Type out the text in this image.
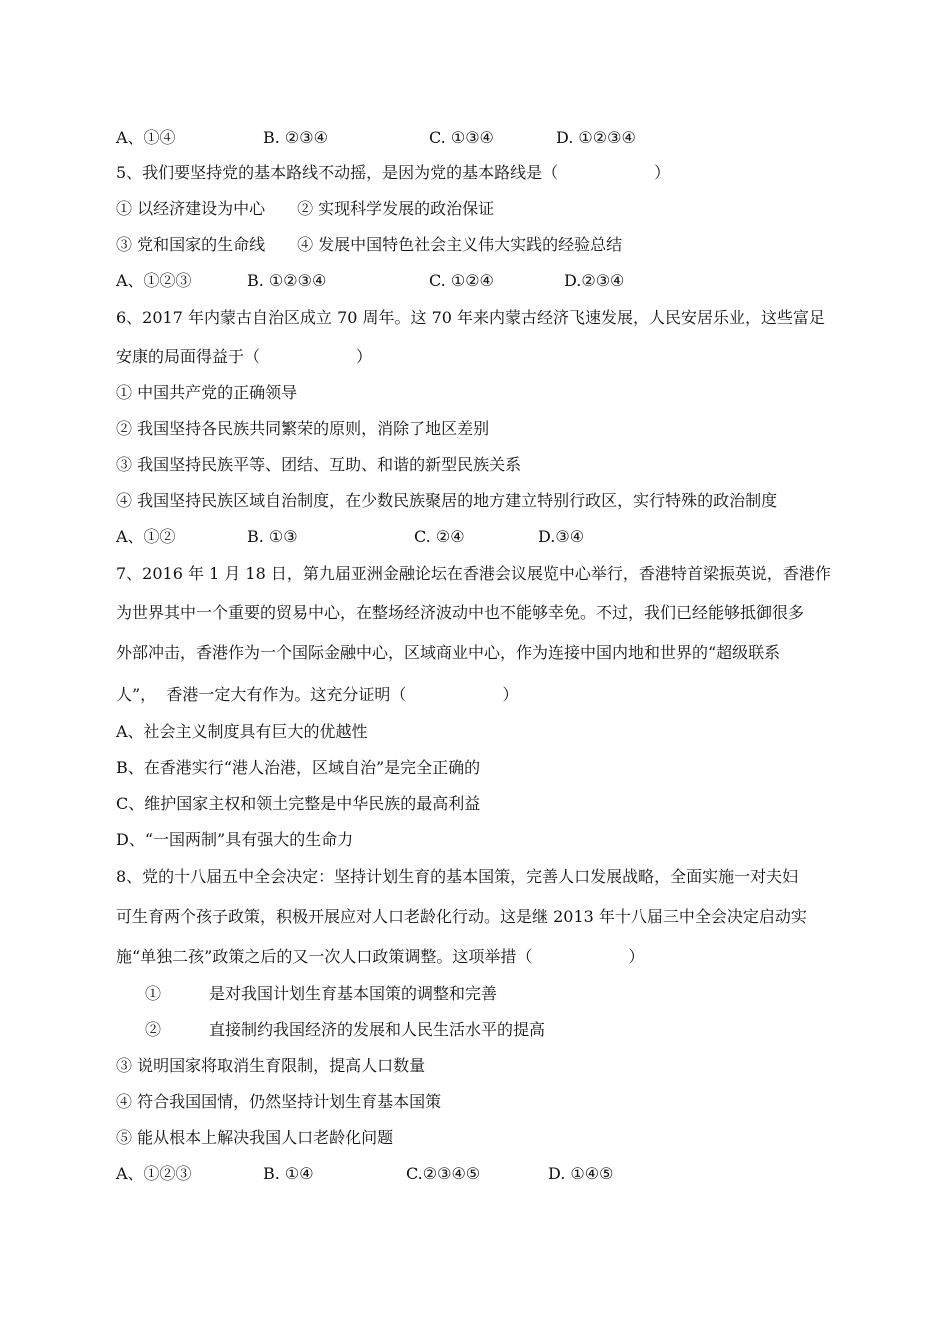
A、①④	B. ②③④	C. ①③④	D. ①②③④
5、我们要坚持党的基本路线不动摇，是因为党的基本路线是（　　　　　　）
① 以经济建设为中心　　② 实现科学发展的政治保证
③ 党和国家的生命线　　④ 发展中国特色社会主义伟大实践的经验总结
A、①②③	B. ①②③④	C. ①②④	D.②③④
6、2017 年内蒙古自治区成立 70 周年。这 70 年来内蒙古经济飞速发展，人民安居乐业，这些富足
安康的局面得益于（　　　　　　）
① 中国共产党的正确领导
② 我国坚持各民族共同繁荣的原则，消除了地区差别
③ 我国坚持民族平等、团结、互助、和谐的新型民族关系
④ 我国坚持民族区域自治制度，在少数民族聚居的地方建立特别行政区，实行特殊的政治制度
A、①②	B. ①③	C. ②④	D.③④
7、2016 年 1 月 18 日，第九届亚洲金融论坛在香港会议展览中心举行，香港特首梁振英说，香港作
为世界其中一个重要的贸易中心，在整场经济波动中也不能够幸免。不过，我们已经能够抵御很多
外部冲击，香港作为一个国际金融中心，区域商业中心，作为连接中国内地和世界的“超级联系
人”，  香港一定大有作为。这充分证明（　　　　　　）
A、社会主义制度具有巨大的优越性
B、在香港实行“港人治港，区域自治”是完全正确的
C、维护国家主权和领土完整是中华民族的最高利益
D、“一国两制”具有强大的生命力
8、党的十八届五中全会决定：坚持计划生育的基本国策，完善人口发展战略，全面实施一对夫妇
可生育两个孩子政策，积极开展应对人口老龄化行动。这是继 2013 年十八届三中全会决定启动实
施“单独二孩”政策之后的又一次人口政策调整。这项举措（　　　　　　）
①　　　是对我国计划生育基本国策的调整和完善
②　　　直接制约我国经济的发展和人民生活水平的提高
③ 说明国家将取消生育限制，提高人口数量
④ 符合我国国情，仍然坚持计划生育基本国策
⑤ 能从根本上解决我国人口老龄化问题
A、①②③	B. ①④	C.②③④⑤	D. ①④⑤
